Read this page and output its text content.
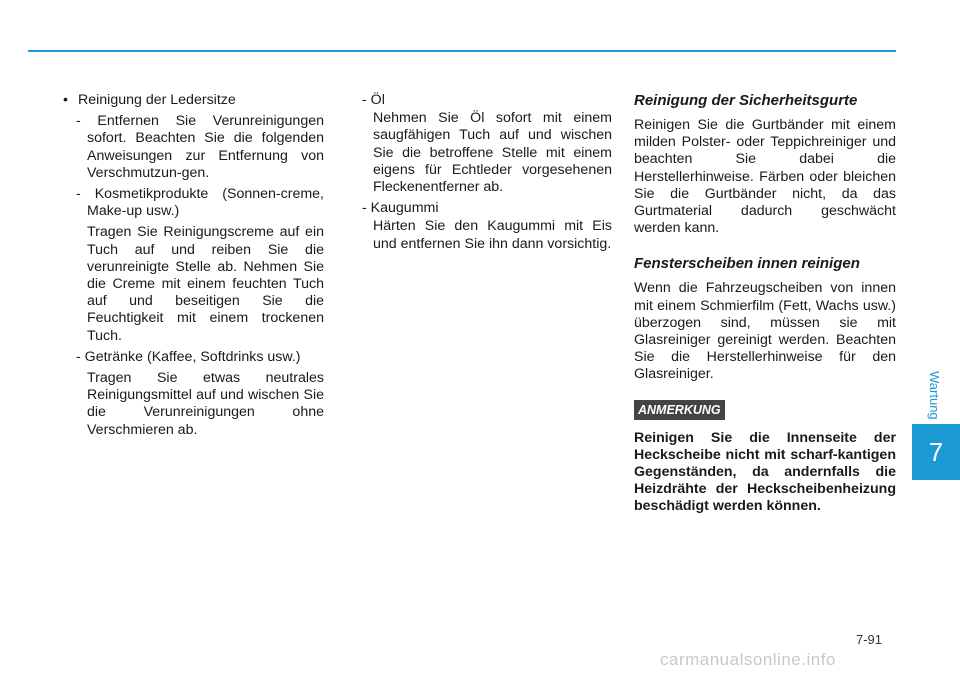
Wartung
7

• Reinigung der Ledersitze

- Entfernen Sie Verunreinigungen sofort. Beachten Sie die folgenden Anweisungen zur Entfernung von Verschmutzun-gen.

- Kosmetikprodukte (Sonnen-creme, Make-up usw.)

Tragen Sie Reinigungscreme auf ein Tuch auf und reiben Sie die verunreinigte Stelle ab. Nehmen Sie die Creme mit einem feuchten Tuch auf und beseitigen Sie die Feuchtigkeit mit einem trockenen Tuch.

- Getränke (Kaffee, Softdrinks usw.)

Tragen Sie etwas neutrales Reinigungsmittel auf und wischen Sie die Verunreinigungen ohne Verschmieren ab.

- Öl

Nehmen Sie Öl sofort mit einem saugfähigen Tuch auf und wischen Sie die betroffene Stelle mit einem eigens für Echtleder vorgesehenen Fleckenentferner ab.

- Kaugummi

Härten Sie den Kaugummi mit Eis und entfernen Sie ihn dann vorsichtig.

Reinigung der Sicherheitsgurte

Reinigen Sie die Gurtbänder mit einem milden Polster- oder Teppichreiniger und beachten Sie dabei die Herstellerhinweise. Färben oder bleichen Sie die Gurtbänder nicht, da das Gurtmaterial dadurch geschwächt werden kann.

Fensterscheiben innen reinigen

Wenn die Fahrzeugscheiben von innen mit einem Schmierfilm (Fett, Wachs usw.) überzogen sind, müssen sie mit Glasreiniger gereinigt werden. Beachten Sie die Herstellerhinweise für den Glasreiniger.

ANMERKUNG

Reinigen Sie die Innenseite der Heckscheibe nicht mit scharf-kantigen Gegenständen, da andernfalls die Heizdrähte der Heckscheibenheizung beschädigt werden können.

7-91
carmanualsonline.info
